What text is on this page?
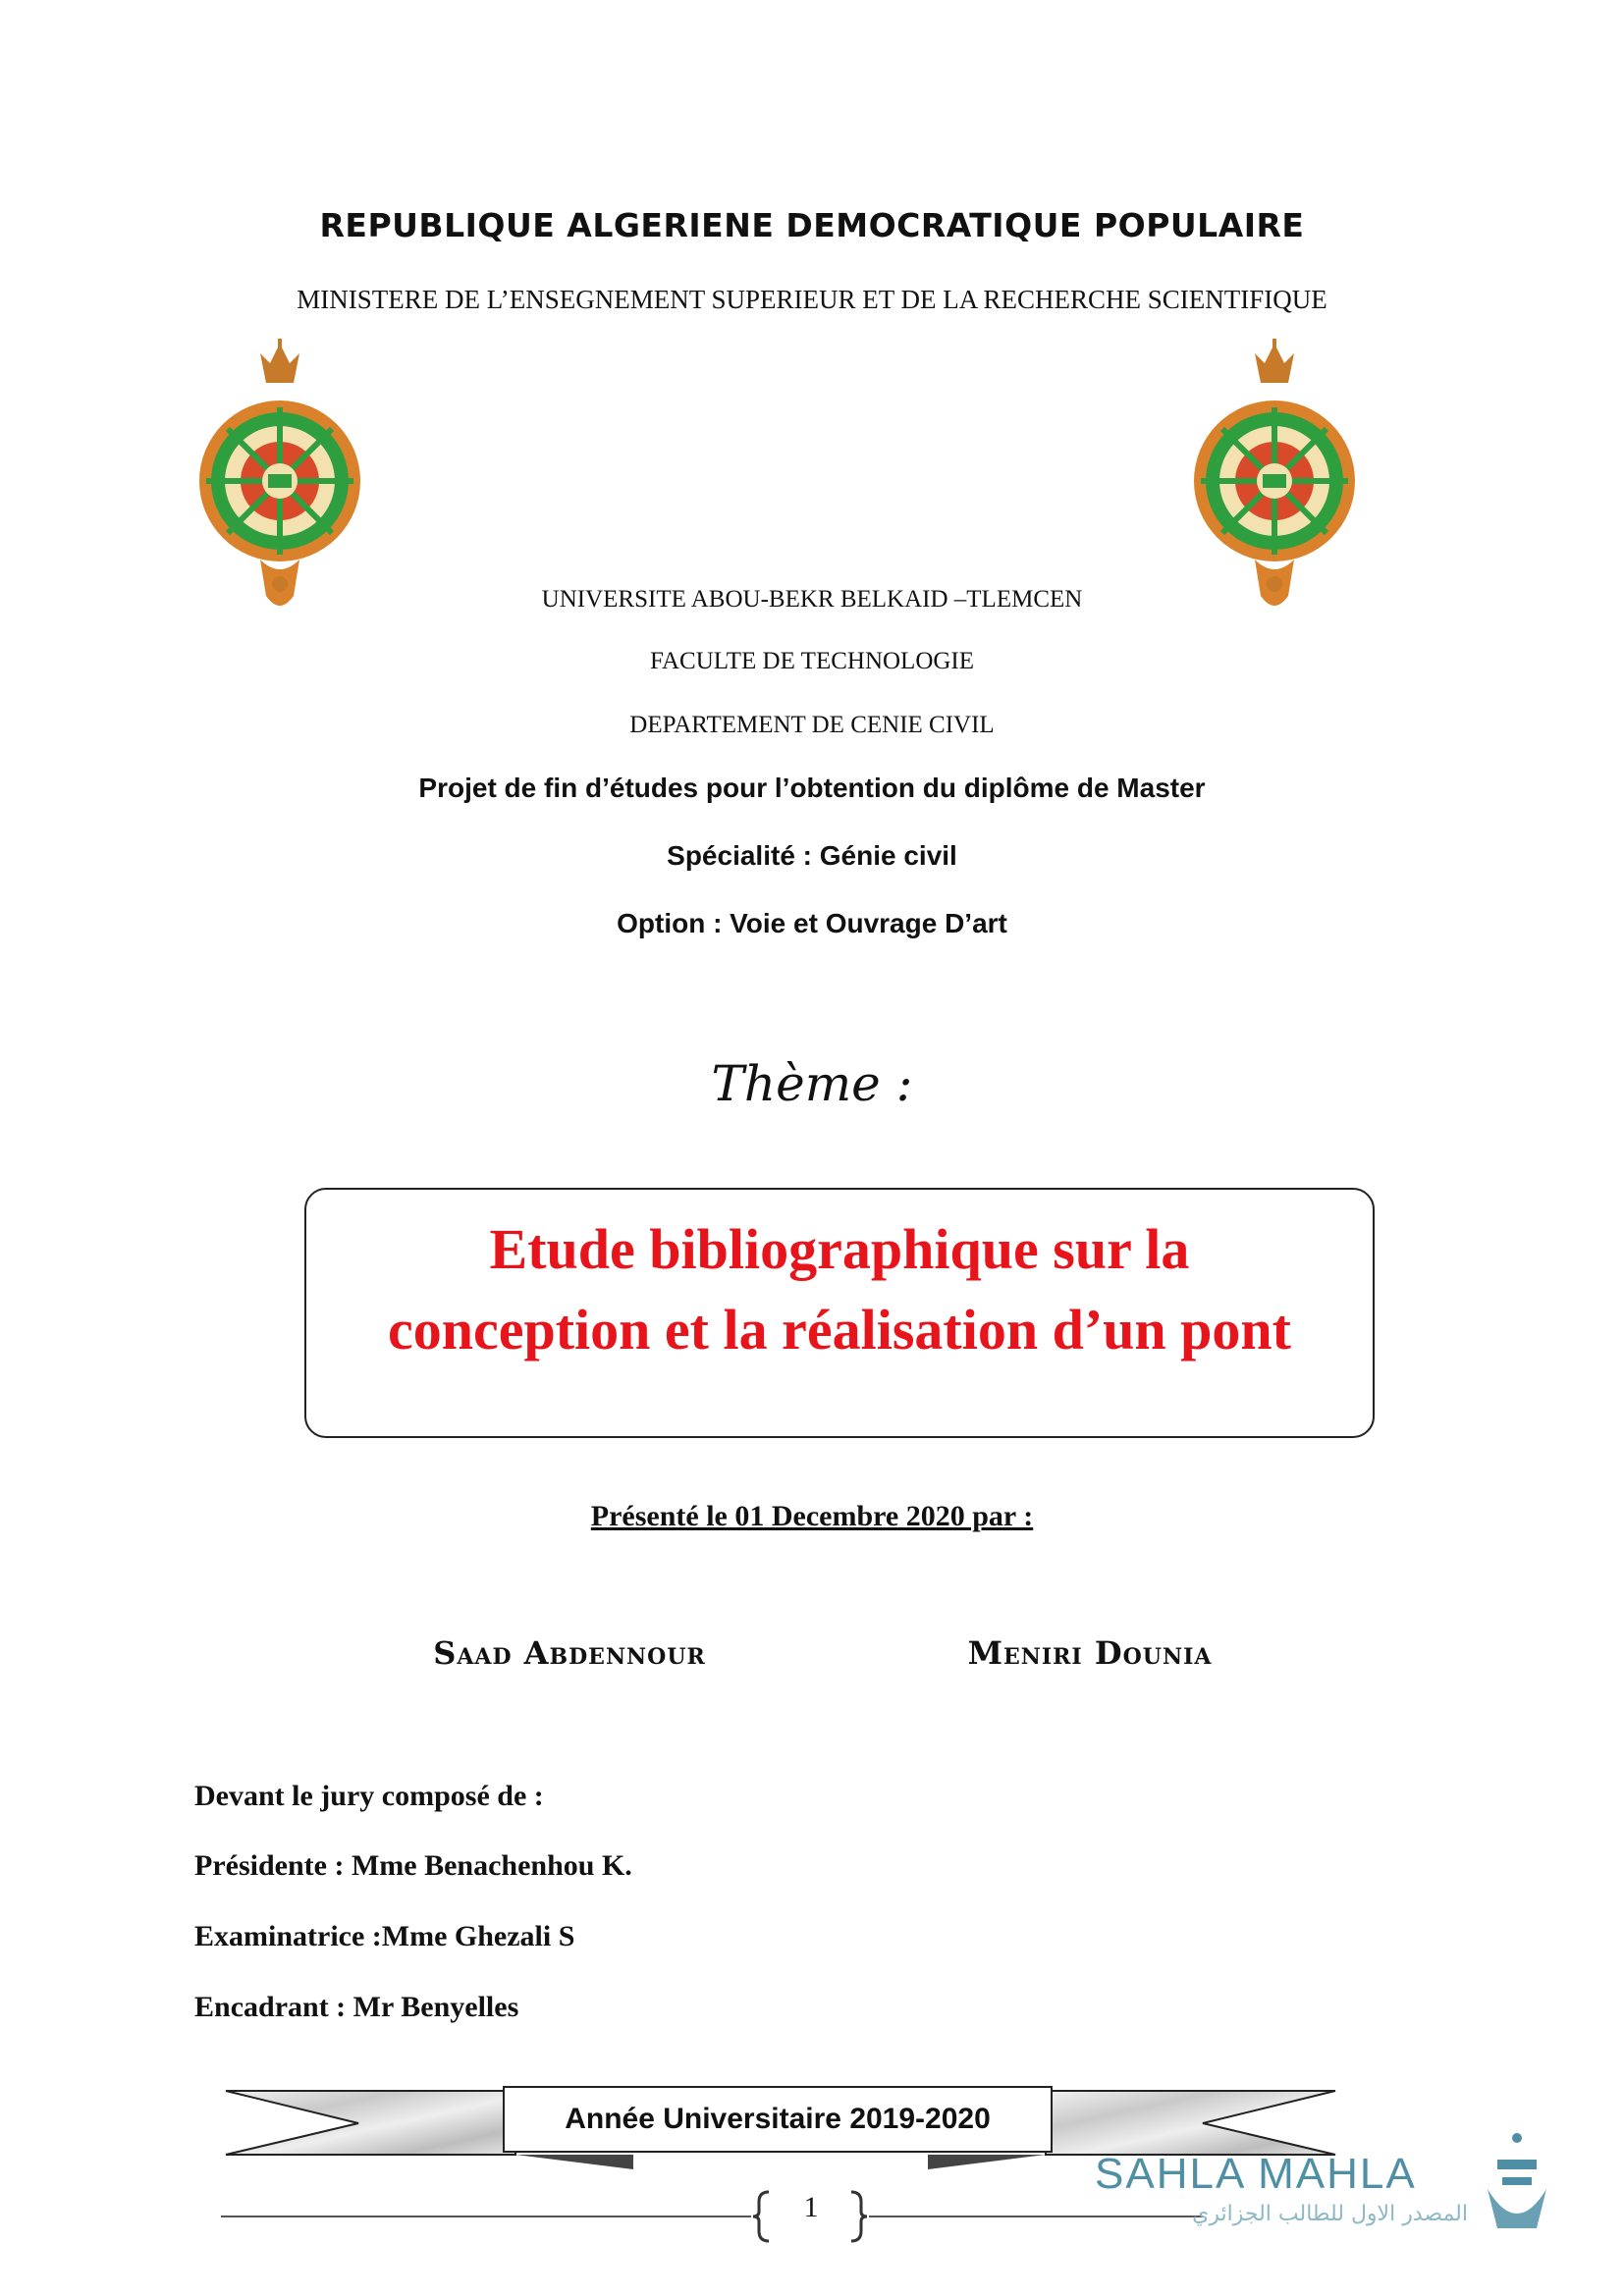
REPUBLIQUE ALGERIENE DEMOCRATIQUE POPULAIRE
MINISTERE DE L’ENSEGNEMENT SUPERIEUR ET DE LA RECHERCHE SCIENTIFIQUE
UNIVERSITE ABOU-BEKR BELKAID –TLEMCEN
FACULTE DE TECHNOLOGIE
DEPARTEMENT DE CENIE CIVIL
Projet de fin d’études pour l’obtention du diplôme de Master
Spécialité : Génie civil
Option : Voie et Ouvrage D’art
Thème :
Etude bibliographique sur la
conception et la réalisation d’un pont
Présenté le 01 Decembre 2020 par :
Saad Abdennour	Meniri Dounia
Devant le jury composé de :
Présidente : Mme Benachenhou K.
Examinatrice :Mme Ghezali S
Encadrant : Mr Benyelles
Année Universitaire 2019-2020
1
SAHLA MAHLA
المصدر الاول للطالب الجزائري
